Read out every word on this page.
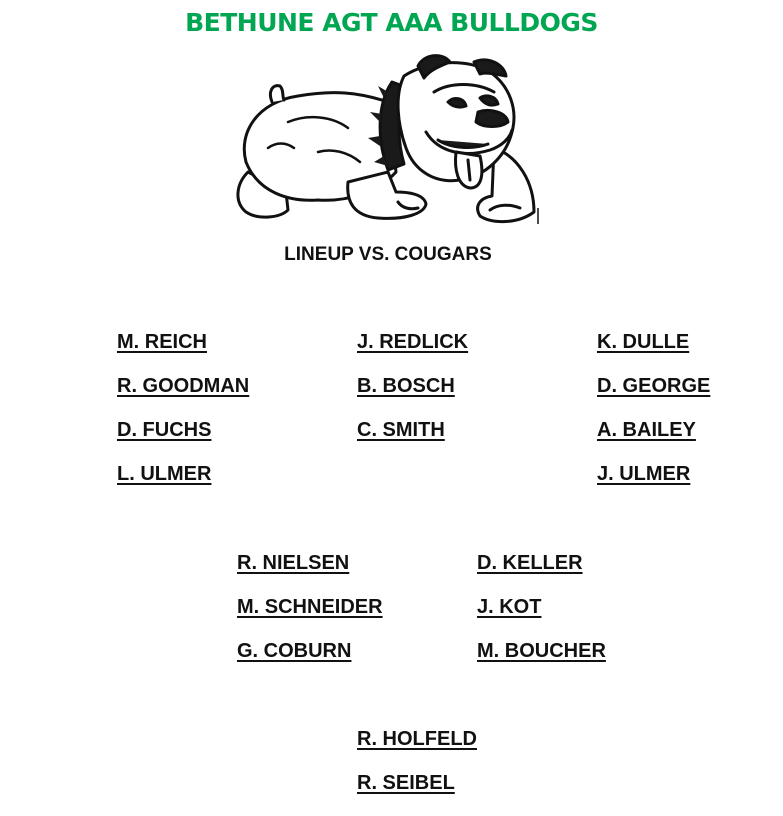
BETHUNE AGT AAA BULLDOGS
LINEUP VS. COUGARS
M. REICH
R. GOODMAN
D. FUCHS
L. ULMER
J. REDLICK
B. BOSCH
C. SMITH
K. DULLE
D. GEORGE
A. BAILEY
J. ULMER
R. NIELSEN
M. SCHNEIDER
G. COBURN
D. KELLER
J. KOT
M. BOUCHER
R. HOLFELD
R. SEIBEL
